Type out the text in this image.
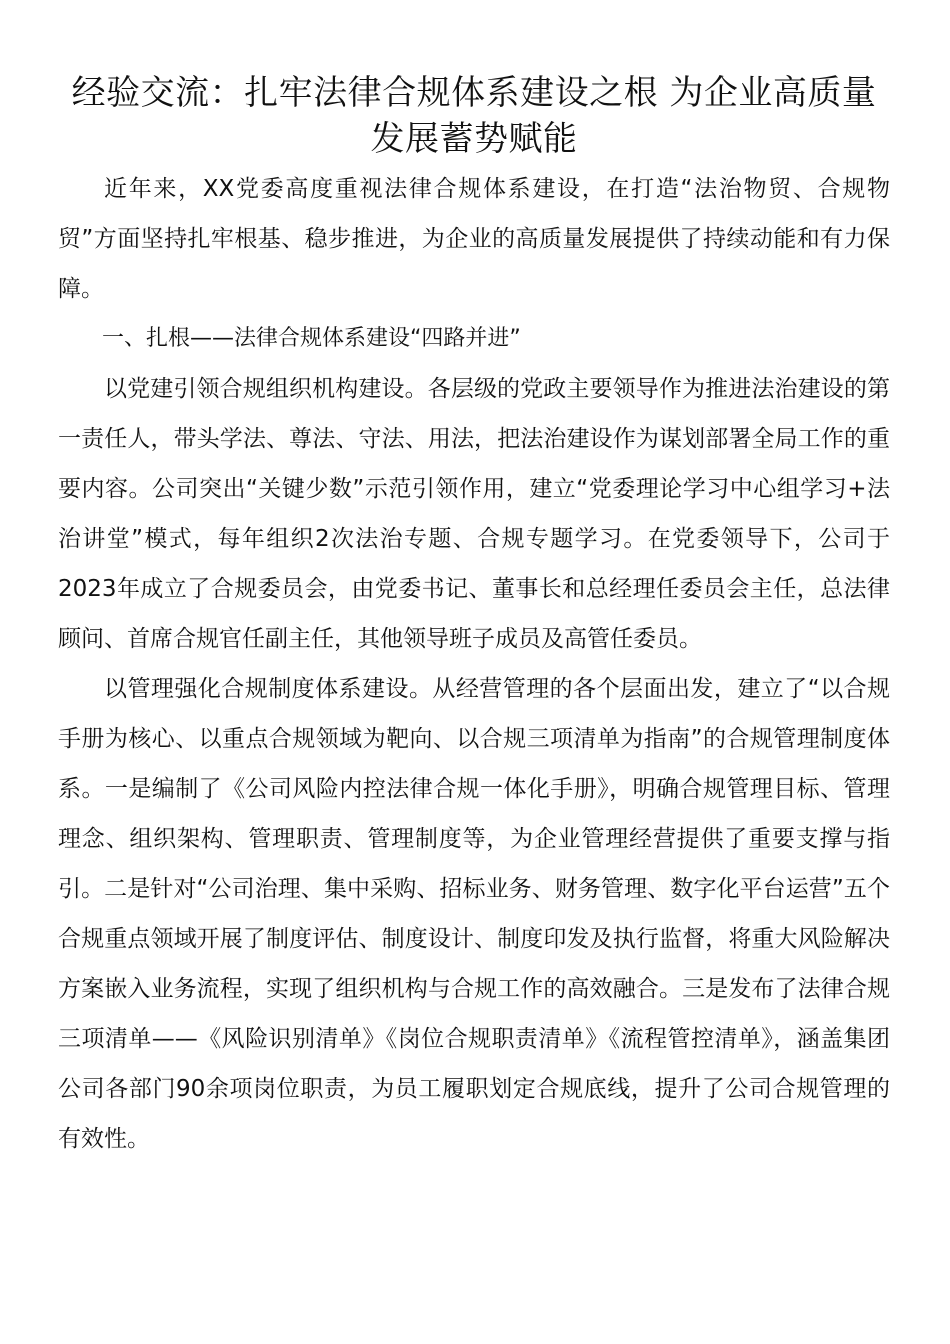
经验交流：扎牢法律合规体系建设之根 为企业高质量发展蓄势赋能

近年来，XX党委高度重视法律合规体系建设，在打造“法治物贸、合规物贸”方面坚持扎牢根基、稳步推进，为企业的高质量发展提供了持续动能和有力保障。

一、扎根——法律合规体系建设“四路并进”

以党建引领合规组织机构建设。各层级的党政主要领导作为推进法治建设的第一责任人，带头学法、尊法、守法、用法，把法治建设作为谋划部署全局工作的重要内容。公司突出“关键少数”示范引领作用，建立“党委理论学习中心组学习+法治讲堂”模式，每年组织2次法治专题、合规专题学习。在党委领导下，公司于2023年成立了合规委员会，由党委书记、董事长和总经理任委员会主任，总法律顾问、首席合规官任副主任，其他领导班子成员及高管任委员。

以管理强化合规制度体系建设。从经营管理的各个层面出发，建立了“以合规手册为核心、以重点合规领域为靶向、以合规三项清单为指南”的合规管理制度体系。一是编制了《公司风险内控法律合规一体化手册》，明确合规管理目标、管理理念、组织架构、管理职责、管理制度等，为企业管理经营提供了重要支撑与指引。二是针对“公司治理、集中采购、招标业务、财务管理、数字化平台运营”五个合规重点领域开展了制度评估、制度设计、制度印发及执行监督，将重大风险解决方案嵌入业务流程，实现了组织机构与合规工作的高效融合。三是发布了法律合规三项清单——《风险识别清单》《岗位合规职责清单》《流程管控清单》，涵盖集团公司各部门90余项岗位职责，为员工履职划定合规底线，提升了公司合规管理的有效性。
